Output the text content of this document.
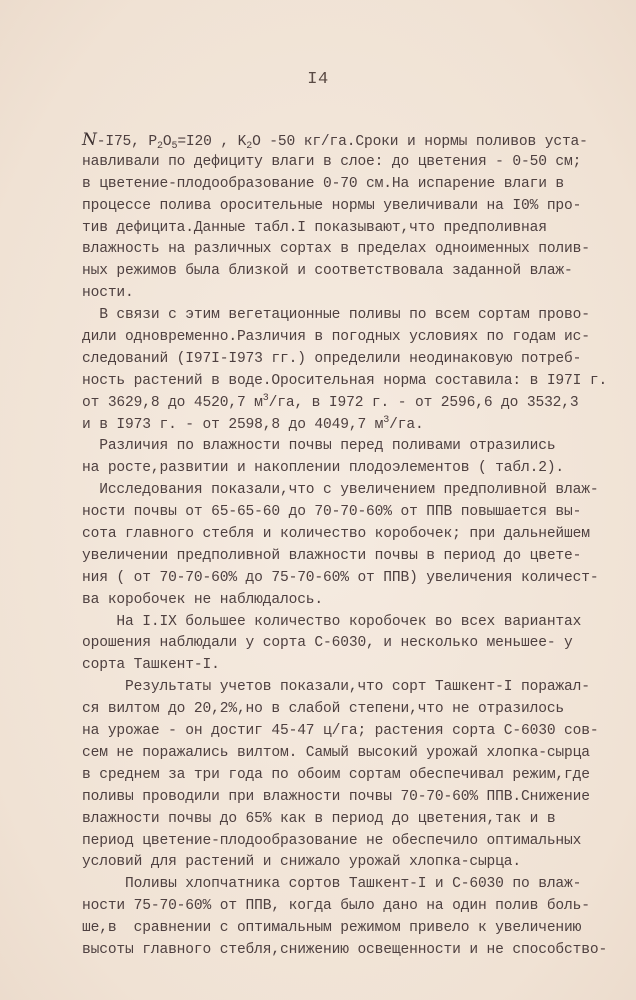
I4
N-I75, $P_2O_5=I20$ , $K_2O$ -50 кг/га.Сроки и нормы поливов уста-
навливали по дефициту влаги в слое: до цветения - 0-50 см;
в цветение-плодообразование 0-70 см.На испарение влаги в
процессе полива оросительные нормы увеличивали на I0% про-
тив дефицита.Данные табл.I показывают,что предполивная
влажность на различных сортах в пределах одноименных полив-
ных режимов была близкой и соответствовала заданной влаж-
ности.
В связи с этим вегетационные поливы по всем сортам прово-
дили одновременно.Различия в погодных условиях по годам ис-
следований (I97I-I973 гг.) определили неодинаковую потреб-
ность растений в воде.Оросительная норма составила: в I97I г.
от 3629,8 до 4520,7 $м^3/га$, в I972 г. - от 2596,6 до 3532,3
и в I973 г. - от 2598,8 до 4049,7 $м^3/га$.
Различия по влажности почвы перед поливами отразились
на росте,развитии и накоплении плодоэлементов ( табл.2).
Исследования показали,что с увеличением предполивной влаж-
ности почвы от 65-65-60 до 70-70-60% от ППВ повышается вы-
сота главного стебля и количество коробочек; при дальнейшем
увеличении предполивной влажности почвы в период до цвете-
ния ( от 70-70-60% до 75-70-60% от ППВ) увеличения количест-
ва коробочек не наблюдалось.
На I.IX большее количество коробочек во всех вариантах
орошения наблюдали у сорта С-6030, и несколько меньшее- у
сорта Ташкент-I.
Результаты учетов показали,что сорт Ташкент-I поражал-
ся вилтом до 20,2%,но в слабой степени,что не отразилось
на урожае - он достиг 45-47 ц/га; растения сорта С-6030 сов-
сем не поражались вилтом. Самый высокий урожай хлопка-сырца
в среднем за три года по обоим сортам обеспечивал режим,где
поливы проводили при влажности почвы 70-70-60% ППВ.Снижение
влажности почвы до 65% как в период до цветения,так и в
период цветение-плодообразование не обеспечило оптимальных
условий для растений и снижало урожай хлопка-сырца.
Поливы хлопчатника сортов Ташкент-I и С-6030 по влаж-
ности 75-70-60% от ППВ, когда было дано на один полив боль-
ше,в  сравнении с оптимальным режимом привело к увеличению
высоты главного стебля,снижению освещенности и не способство-
